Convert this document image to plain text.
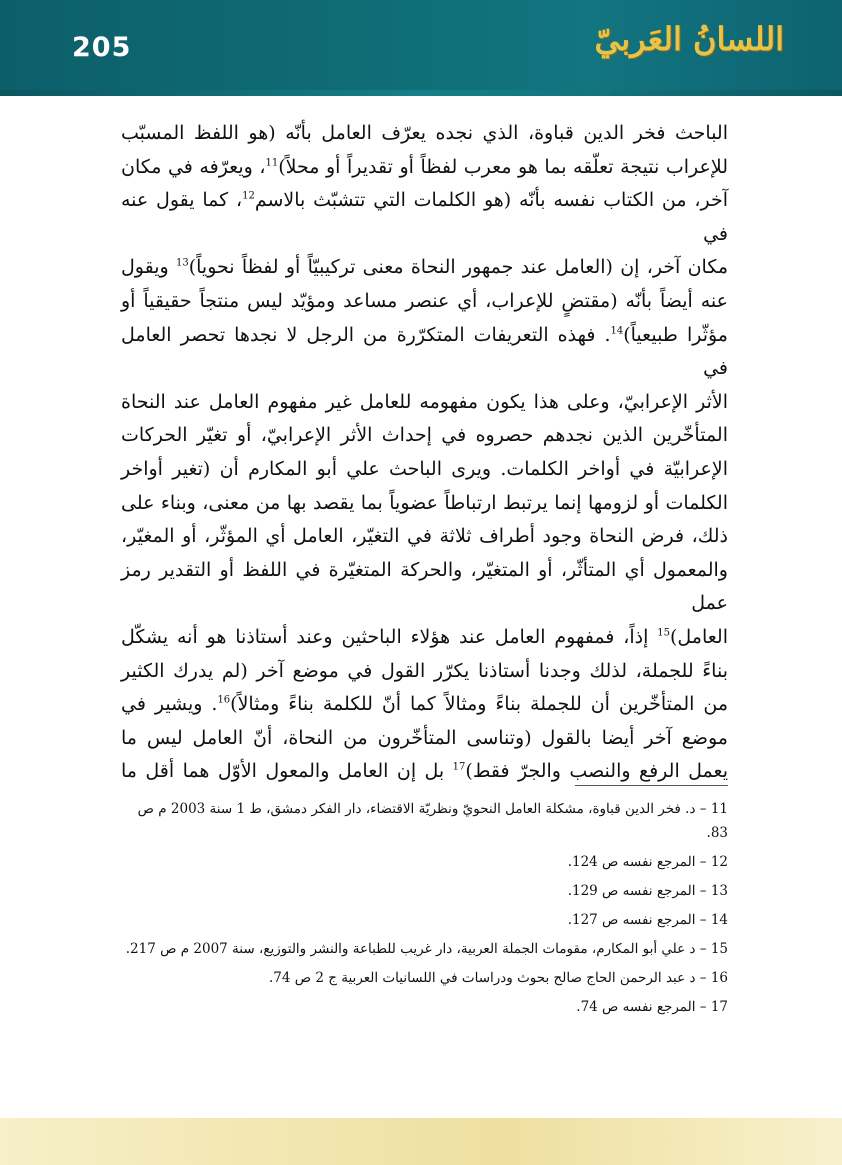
205	اللسانُ العَربيّ
الباحث فخر الدين قباوة، الذي نجده يعرّف العامل بأنّه (هو اللفظ المسبّب
للإعراب نتيجة تعلّقه بما هو معرب لفظاً أو تقديراً أو محلاً)$^{11}$، ويعرّفه في مكان
آخر، من الكتاب نفسه بأنّه (هو الكلمات التي تتشبّث بالاسم$^{12}$، كما يقول عنه في
مكان آخر، إن (العامل عند جمهور النحاة معنى تركيبيّاً أو لفظاً نحوياً)$^{13}$ ويقول
عنه أيضاً بأنّه (مقتضٍ للإعراب، أي عنصر مساعد ومؤيّد ليس منتجاً حقيقياً أو
مؤثّرا طبيعياً)$^{14}$. فهذه التعريفات المتكرّرة من الرجل لا نجدها تحصر العامل في
الأثر الإعرابيّ، وعلى هذا يكون مفهومه للعامل غير مفهوم العامل عند النحاة
المتأخّرين الذين نجدهم حصروه في إحداث الأثر الإعرابيّ، أو تغيّر الحركات
الإعرابيّة في أواخر الكلمات. ويرى الباحث علي أبو المكارم أن (تغير أواخر
الكلمات أو لزومها إنما يرتبط ارتباطاً عضوياً بما يقصد بها من معنى، وبناء على
ذلك، فرض النحاة وجود أطراف ثلاثة في التغيّر، العامل أي المؤثّر، أو المغيّر،
والمعمول أي المتأثّر، أو المتغيّر، والحركة المتغيّرة في اللفظ أو التقدير رمز عمل
العامل)$^{15}$ إذاً، فمفهوم العامل عند هؤلاء الباحثين وعند أستاذنا هو أنه يشكّل
بناءً للجملة، لذلك وجدنا أستاذنا يكرّر القول في موضع آخر (لم يدرك الكثير
من المتأخّرين أن للجملة بناءً ومثالاً كما أنّ للكلمة بناءً ومثالاً)$^{16}$. ويشير في
موضع آخر أيضا بالقول (وتناسى المتأخّرون من النحاة، أنّ العامل ليس ما
يعمل الرفع والنصب والجرّ فقط)$^{17}$ بل إن العامل والمعول الأوّل هما أقل ما
11 – د. فخر الدين قباوة، مشكلة العامل النحويّ ونظريّة الاقتضاء، دار الفكر دمشق، ط 1 سنة 2003 م ص 83.
12 – المرجع نفسه ص 124.
13 – المرجع نفسه ص 129.
14 – المرجع نفسه ص 127.
15 – د علي أبو المكارم، مقومات الجملة العربية، دار غريب للطباعة والنشر والتوزيع، سنة 2007 م ص 217.
16 – د عبد الرحمن الحاج صالح بحوث ودراسات في اللسانيات العربية ج 2 ص 74.
17 – المرجع نفسه ص 74.
